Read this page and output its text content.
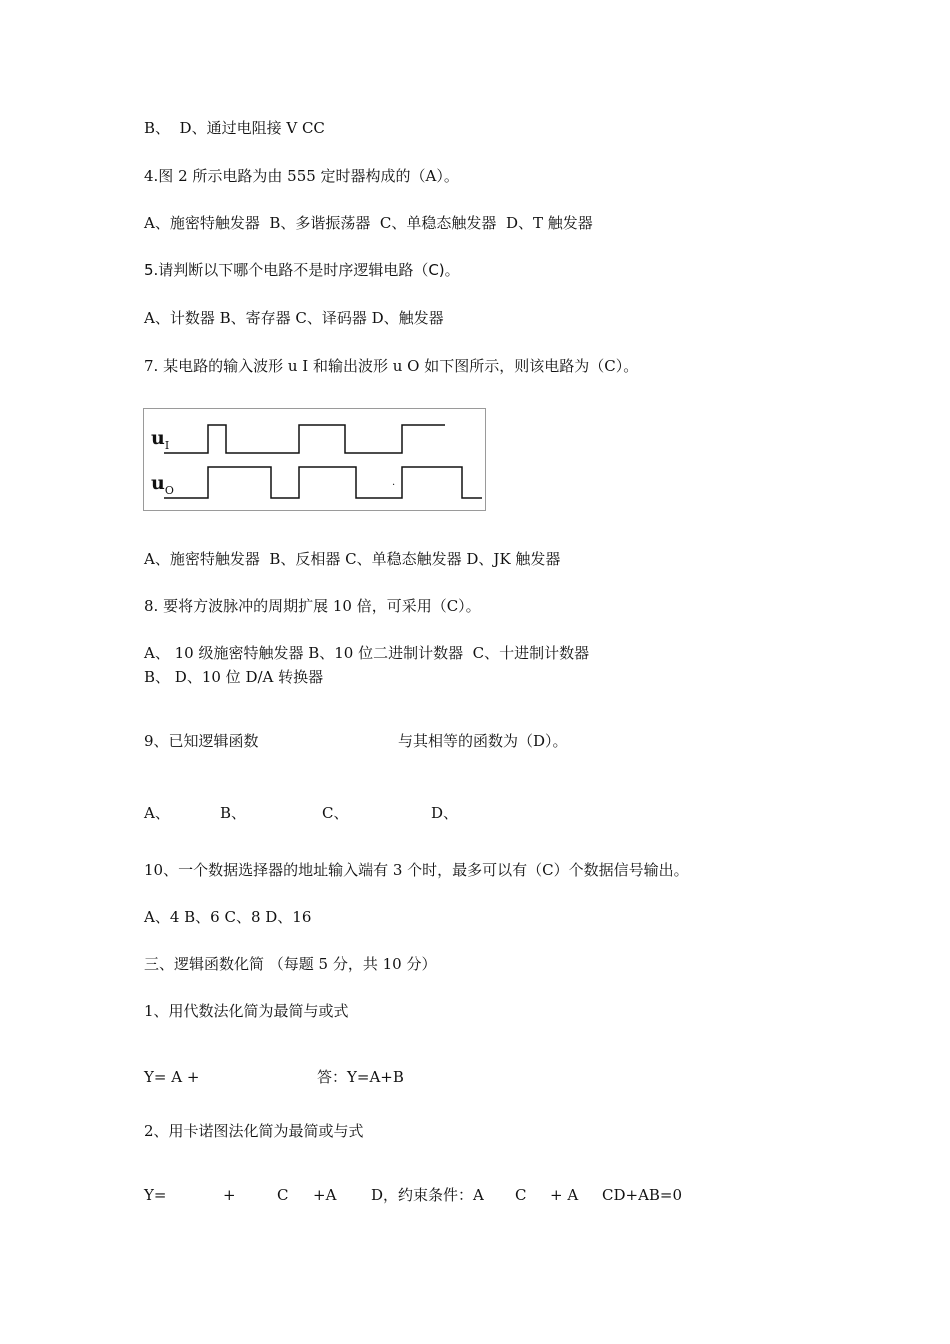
B、  D、通过电阻接 V CC
4.图 2 所示电路为由 555 定时器构成的（A）。
A、施密特触发器  B、多谐振荡器  C、单稳态触发器  D、T 触发器
5.请判断以下哪个电路不是时序逻辑电路（C)。
A、计数器 B、寄存器 C、译码器 D、触发器
7. 某电路的输入波形 u I 和输出波形 u O 如下图所示，则该电路为（C）。
$u_I$
$u_O$
.
A、施密特触发器  B、反相器 C、单稳态触发器 D、JK 触发器
8. 要将方波脉冲的周期扩展 10 倍，可采用（C）。
A、 10 级施密特触发器 B、10 位二进制计数器  C、十进制计数器
B、 D、10 位 D/A 转换器
9、已知逻辑函数	与其相等的函数为（D）。
A、	B、	C、	D、
10、一个数据选择器的地址输入端有 3 个时，最多可以有（C）个数据信号输出。
A、4 B、6 C、8 D、16
三、逻辑函数化简 （每题 5 分，共 10 分）
1、用代数法化简为最简与或式
Y= A +	答：Y=A+B
2、用卡诺图法化简为最简或与式
Y=	+	C +A D，约束条件：A C + A CD+AB=0
